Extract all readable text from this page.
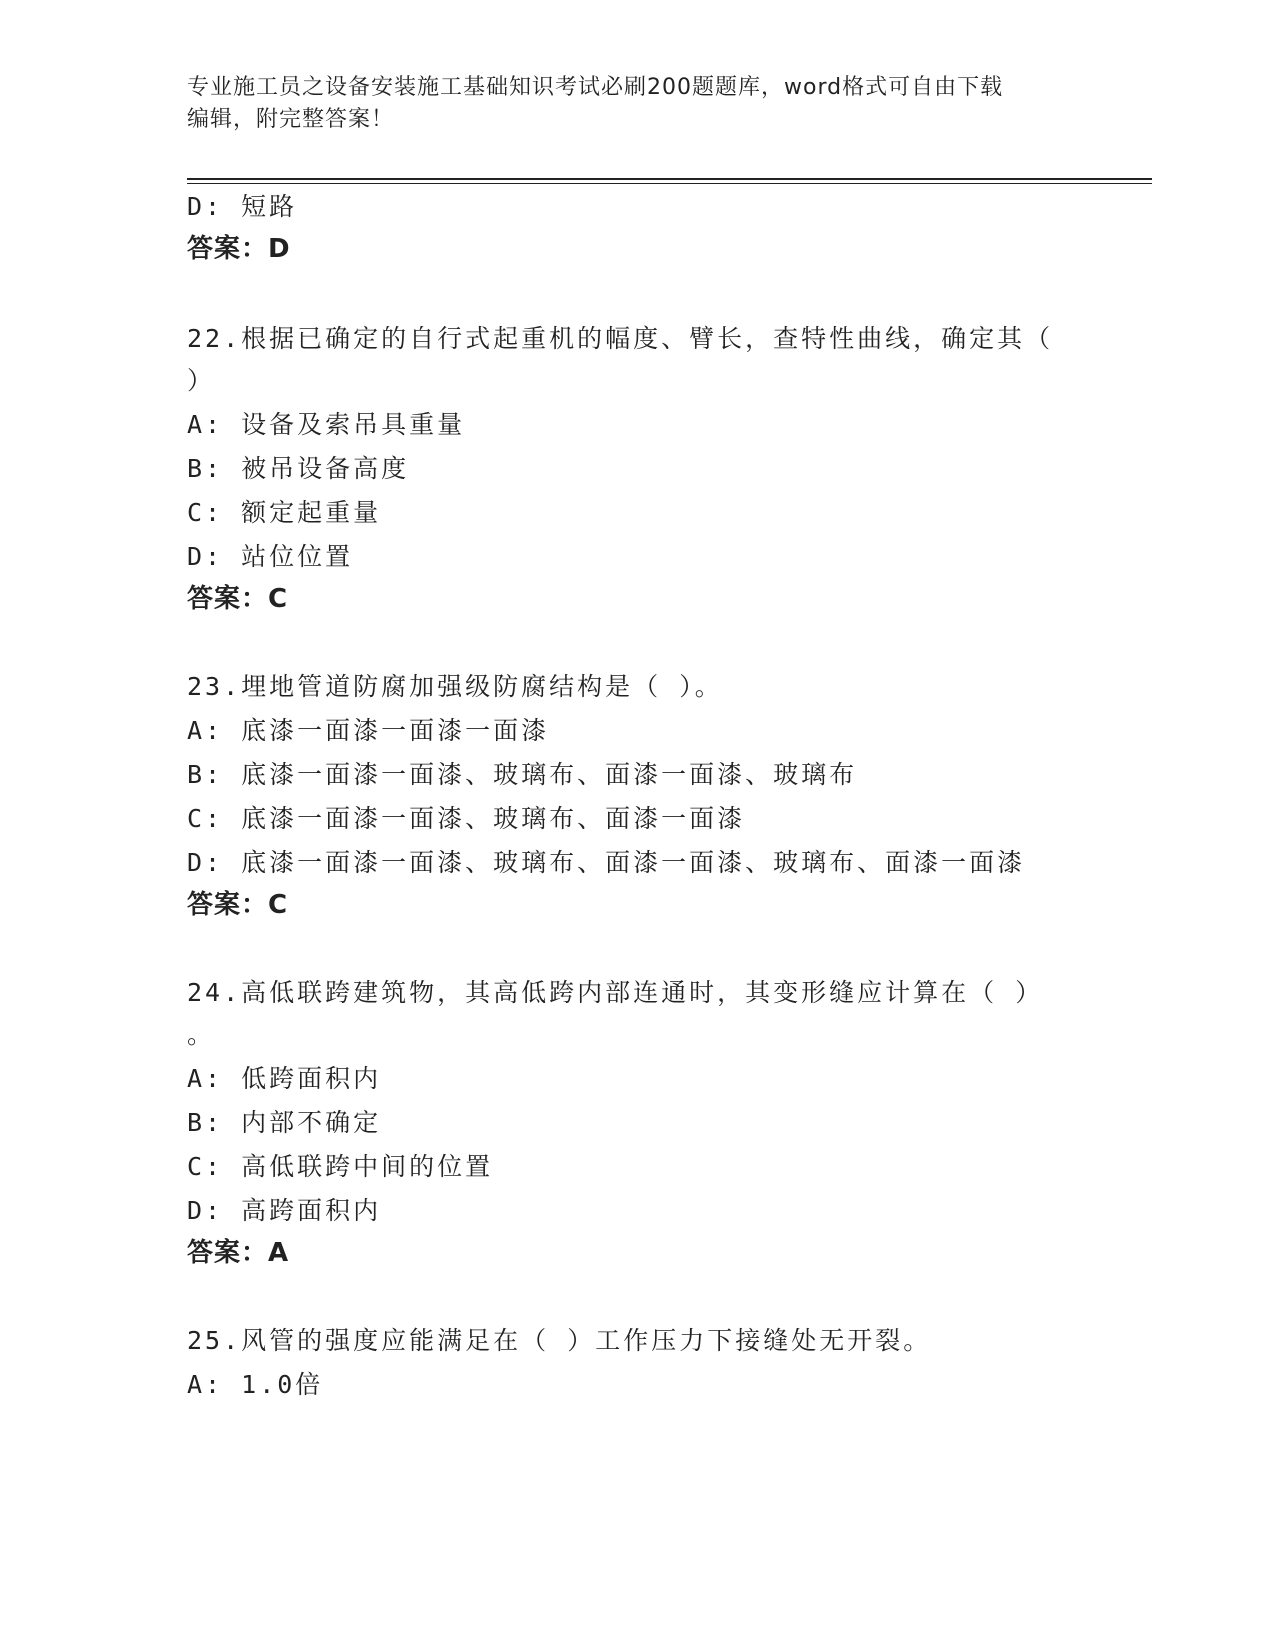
专业施工员之设备安装施工基础知识考试必刷200题题库，word格式可自由下载
编辑，附完整答案！
D: 短路
答案：D
22.根据已确定的自行式起重机的幅度、臂长，查特性曲线，确定其（
）
A: 设备及索吊具重量
B: 被吊设备高度
C: 额定起重量
D: 站位位置
答案：C
23.埋地管道防腐加强级防腐结构是（ ）。
A: 底漆一面漆一面漆一面漆
B: 底漆一面漆一面漆、玻璃布、面漆一面漆、玻璃布
C: 底漆一面漆一面漆、玻璃布、面漆一面漆
D: 底漆一面漆一面漆、玻璃布、面漆一面漆、玻璃布、面漆一面漆
答案：C
24.高低联跨建筑物，其高低跨内部连通时，其变形缝应计算在（ ）
。
A: 低跨面积内
B: 内部不确定
C: 高低联跨中间的位置
D: 高跨面积内
答案：A
25.风管的强度应能满足在（ ）工作压力下接缝处无开裂。
A: 1.0倍
